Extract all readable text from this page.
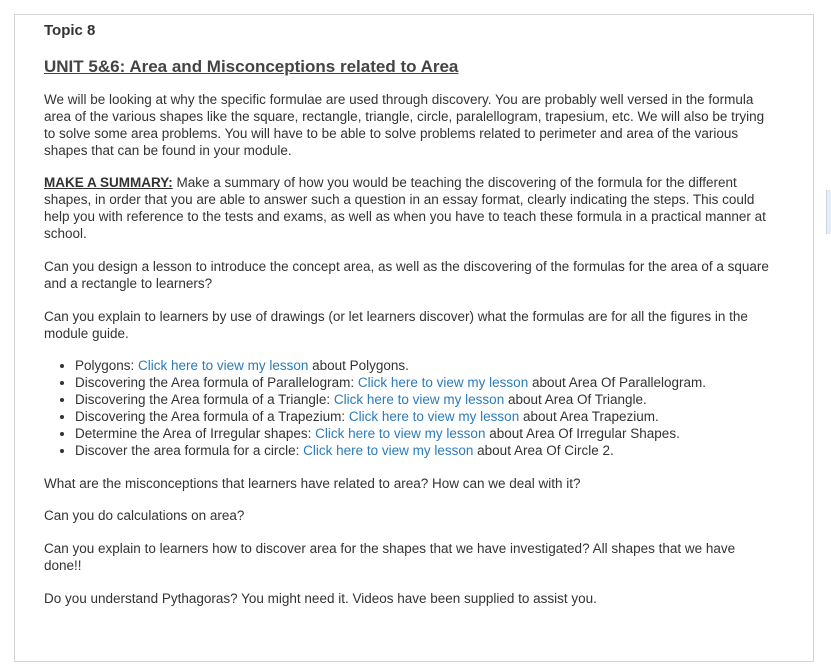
Topic 8
UNIT 5&6: Area and Misconceptions related to Area

We will be looking at why the specific formulae are used through discovery. You are probably well versed in the formula area of the various shapes like the square, rectangle, triangle, circle, paralellogram, trapesium, etc. We will also be trying to solve some area problems. You will have to be able to solve problems related to perimeter and area of the various shapes that can be found in your module.

MAKE A SUMMARY: Make a summary of how you would be teaching the discovering of the formula for the different shapes, in order that you are able to answer such a question in an essay format, clearly indicating the steps. This could help you with reference to the tests and exams, as well as when you have to teach these formula in a practical manner at school.

Can you design a lesson to introduce the concept area, as well as the discovering of the formulas for the area of a square and a rectangle to learners?

Can you explain to learners by use of drawings (or let learners discover) what the formulas are for all the figures in the module guide.

• Polygons: Click here to view my lesson about Polygons.
• Discovering the Area formula of Parallelogram: Click here to view my lesson about Area Of Parallelogram.
• Discovering the Area formula of a Triangle: Click here to view my lesson about Area Of Triangle.
• Discovering the Area formula of a Trapezium: Click here to view my lesson about Area Trapezium.
• Determine the Area of Irregular shapes: Click here to view my lesson about Area Of Irregular Shapes.
• Discover the area formula for a circle: Click here to view my lesson about Area Of Circle 2.

What are the misconceptions that learners have related to area? How can we deal with it?

Can you do calculations on area?

Can you explain to learners how to discover area for the shapes that we have investigated? All shapes that we have done!!

Do you understand Pythagoras? You might need it. Videos have been supplied to assist you.
